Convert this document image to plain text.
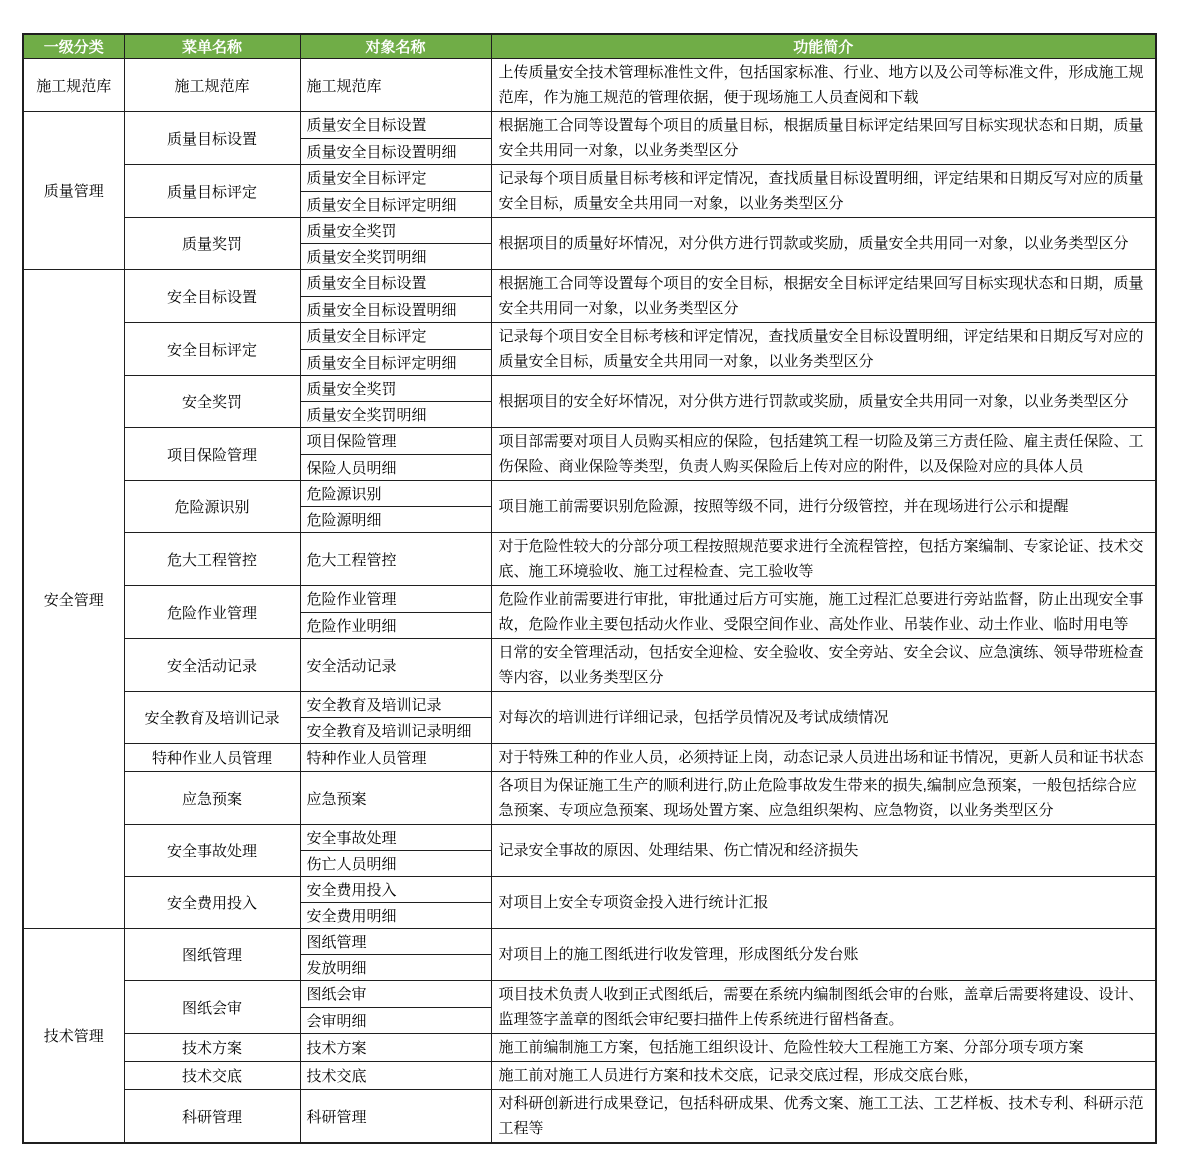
一级分类	菜单名称	对象名称	功能简介
施工规范库	施工规范库	施工规范库	上传质量安全技术管理标准性文件，包括国家标准、行业、地方以及公司等标准文件，形成施工规范库，作为施工规范的管理依据，便于现场施工人员查阅和下载
质量管理	质量目标设置	质量安全目标设置	根据施工合同等设置每个项目的质量目标，根据质量目标评定结果回写目标实现状态和日期，质量安全共用同一对象，以业务类型区分
		质量安全目标设置明细	
	质量目标评定	质量安全目标评定	记录每个项目质量目标考核和评定情况，查找质量目标设置明细，评定结果和日期反写对应的质量安全目标，质量安全共用同一对象，以业务类型区分
		质量安全目标评定明细	
	质量奖罚	质量安全奖罚	根据项目的质量好坏情况，对分供方进行罚款或奖励，质量安全共用同一对象，以业务类型区分
		质量安全奖罚明细	
安全管理	安全目标设置	质量安全目标设置	根据施工合同等设置每个项目的安全目标，根据安全目标评定结果回写目标实现状态和日期，质量安全共用同一对象，以业务类型区分
		质量安全目标设置明细	
	安全目标评定	质量安全目标评定	记录每个项目安全目标考核和评定情况，查找质量安全目标设置明细，评定结果和日期反写对应的质量安全目标，质量安全共用同一对象，以业务类型区分
		质量安全目标评定明细	
	安全奖罚	质量安全奖罚	根据项目的安全好坏情况，对分供方进行罚款或奖励，质量安全共用同一对象，以业务类型区分
		质量安全奖罚明细	
	项目保险管理	项目保险管理	项目部需要对项目人员购买相应的保险，包括建筑工程一切险及第三方责任险、雇主责任保险、工伤保险、商业保险等类型，负责人购买保险后上传对应的附件，以及保险对应的具体人员
		保险人员明细	
	危险源识别	危险源识别	项目施工前需要识别危险源，按照等级不同，进行分级管控，并在现场进行公示和提醒
		危险源明细	
	危大工程管控	危大工程管控	对于危险性较大的分部分项工程按照规范要求进行全流程管控，包括方案编制、专家论证、技术交底、施工环境验收、施工过程检查、完工验收等
	危险作业管理	危险作业管理	危险作业前需要进行审批，审批通过后方可实施，施工过程汇总要进行旁站监督，防止出现安全事故，危险作业主要包括动火作业、受限空间作业、高处作业、吊装作业、动土作业、临时用电等
		危险作业明细	
	安全活动记录	安全活动记录	日常的安全管理活动，包括安全迎检、安全验收、安全旁站、安全会议、应急演练、领导带班检查等内容，以业务类型区分
	安全教育及培训记录	安全教育及培训记录	对每次的培训进行详细记录，包括学员情况及考试成绩情况
		安全教育及培训记录明细	
	特种作业人员管理	特种作业人员管理	对于特殊工种的作业人员，必须持证上岗，动态记录人员进出场和证书情况，更新人员和证书状态
	应急预案	应急预案	各项目为保证施工生产的顺利进行,防止危险事故发生带来的损失,编制应急预案，一般包括综合应急预案、专项应急预案、现场处置方案、应急组织架构、应急物资，以业务类型区分
	安全事故处理	安全事故处理	记录安全事故的原因、处理结果、伤亡情况和经济损失
		伤亡人员明细	
	安全费用投入	安全费用投入	对项目上安全专项资金投入进行统计汇报
		安全费用明细	
技术管理	图纸管理	图纸管理	对项目上的施工图纸进行收发管理，形成图纸分发台账
		发放明细	
	图纸会审	图纸会审	项目技术负责人收到正式图纸后，需要在系统内编制图纸会审的台账，盖章后需要将建设、设计、监理签字盖章的图纸会审纪要扫描件上传系统进行留档备查。
		会审明细	
	技术方案	技术方案	施工前编制施工方案，包括施工组织设计、危险性较大工程施工方案、分部分项专项方案
	技术交底	技术交底	施工前对施工人员进行方案和技术交底，记录交底过程，形成交底台账，
	科研管理	科研管理	对科研创新进行成果登记，包括科研成果、优秀文案、施工工法、工艺样板、技术专利、科研示范工程等
